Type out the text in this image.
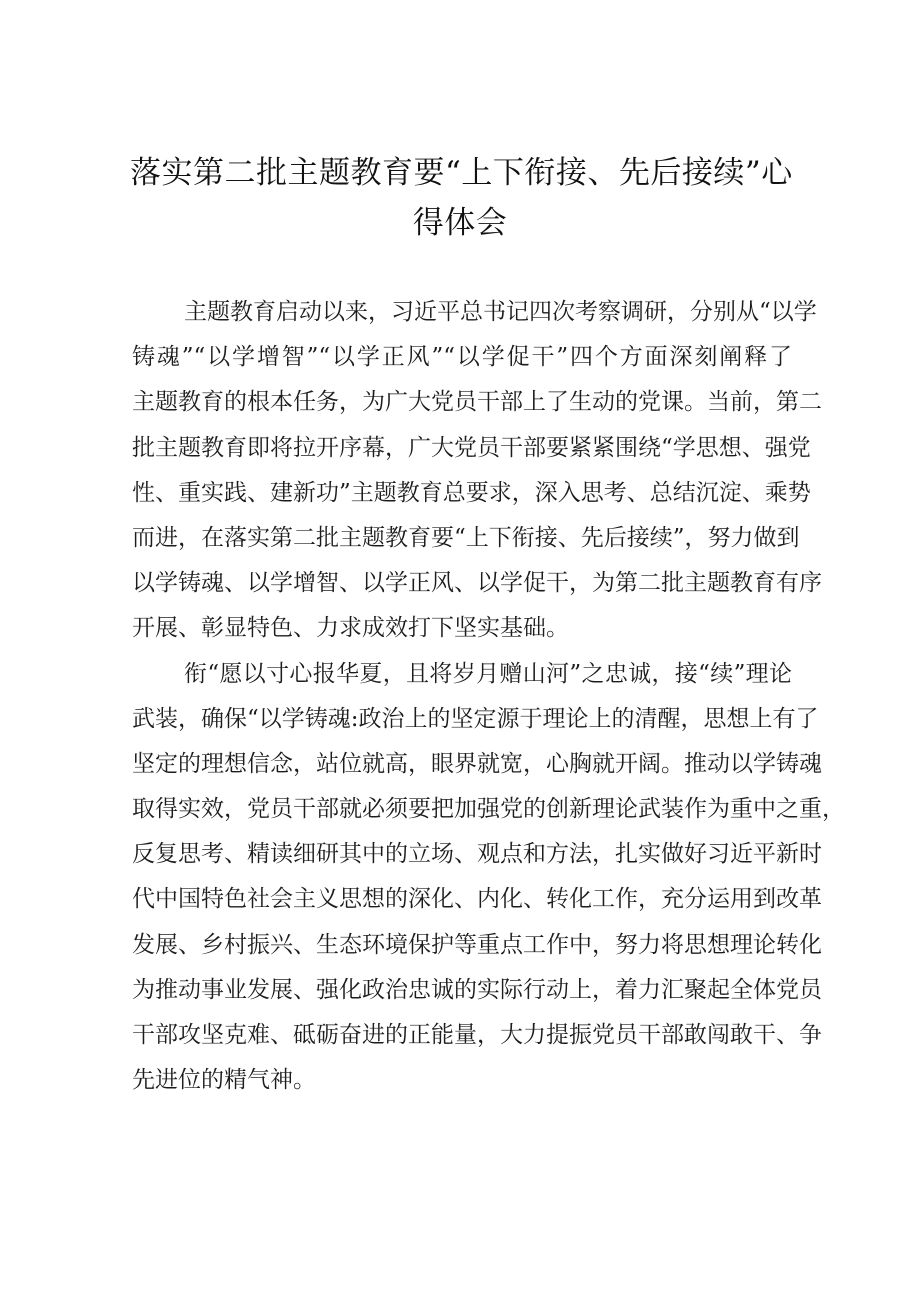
落实第二批主题教育要“上下衔接、先后接续”心
得体会
主题教育启动以来，习近平总书记四次考察调研，分别从“以学
铸魂”“以学增智”“以学正风”“以学促干”四个方面深刻阐释了
主题教育的根本任务，为广大党员干部上了生动的党课。当前，第二
批主题教育即将拉开序幕，广大党员干部要紧紧围绕“学思想、强党
性、重实践、建新功”主题教育总要求，深入思考、总结沉淀、乘势
而进，在落实第二批主题教育要“上下衔接、先后接续”，努力做到
以学铸魂、以学增智、以学正风、以学促干，为第二批主题教育有序
开展、彰显特色、力求成效打下坚实基础。
衔“愿以寸心报华夏，且将岁月赠山河”之忠诚，接“续”理论
武装，确保“以学铸魂:政治上的坚定源于理论上的清醒，思想上有了
坚定的理想信念，站位就高，眼界就宽，心胸就开阔。推动以学铸魂
取得实效，党员干部就必须要把加强党的创新理论武装作为重中之重，
反复思考、精读细研其中的立场、观点和方法，扎实做好习近平新时
代中国特色社会主义思想的深化、内化、转化工作，充分运用到改革
发展、乡村振兴、生态环境保护等重点工作中，努力将思想理论转化
为推动事业发展、强化政治忠诚的实际行动上，着力汇聚起全体党员
干部攻坚克难、砥砺奋进的正能量，大力提振党员干部敢闯敢干、争
先进位的精气神。
